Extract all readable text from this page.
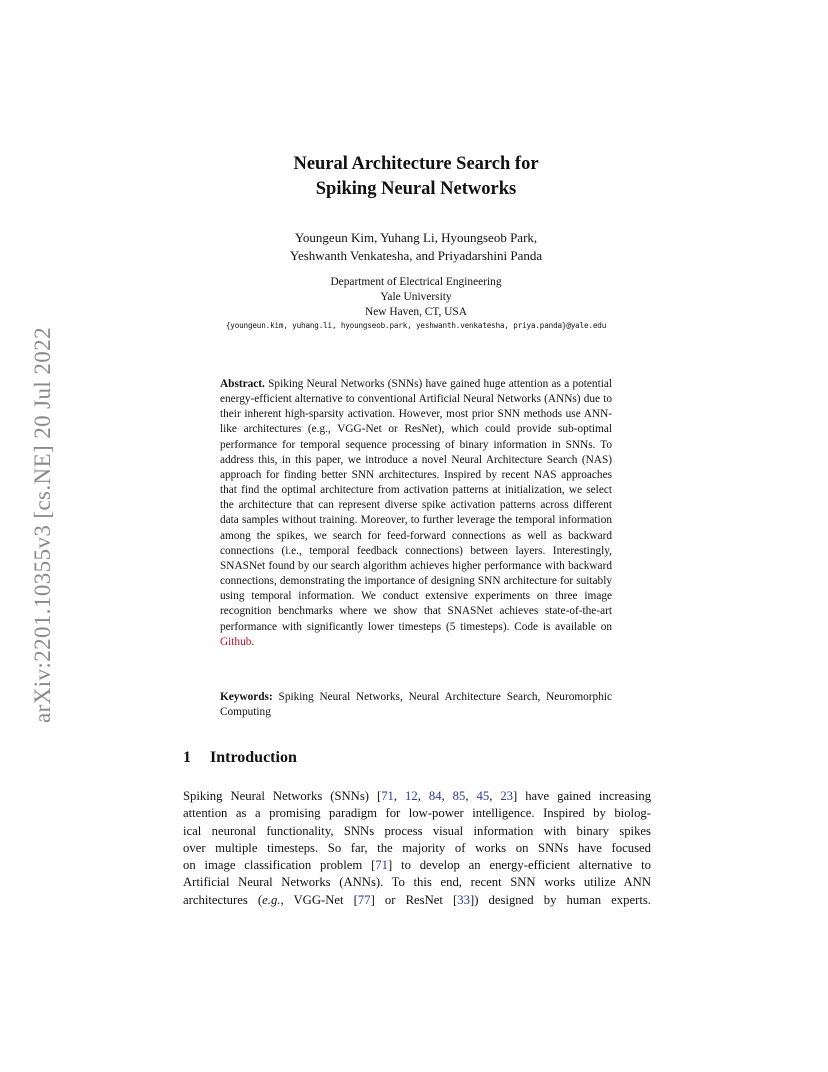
arXiv:2201.10355v3 [cs.NE] 20 Jul 2022
Neural Architecture Search for
Spiking Neural Networks
Youngeun Kim, Yuhang Li, Hyoungseob Park,
Yeshwanth Venkatesha, and Priyadarshini Panda
Department of Electrical Engineering
Yale University
New Haven, CT, USA
{youngeun.kim, yuhang.li, hyoungseob.park, yeshwanth.venkatesha, priya.panda}@yale.edu
Abstract. Spiking Neural Networks (SNNs) have gained huge attention as a potential energy-efficient alternative to conventional Artificial Neural Networks (ANNs) due to their inherent high-sparsity activation. However, most prior SNN methods use ANN-like architectures (e.g., VGG-Net or ResNet), which could provide sub-optimal performance for temporal sequence processing of binary information in SNNs. To address this, in this paper, we introduce a novel Neural Architecture Search (NAS) approach for finding better SNN architectures. Inspired by recent NAS approaches that find the optimal architecture from activation patterns at initialization, we select the architecture that can represent diverse spike activation patterns across different data samples without training. Moreover, to further leverage the temporal information among the spikes, we search for feed-forward connections as well as backward connections (i.e., temporal feedback connections) between layers. Interestingly, SNASNet found by our search algorithm achieves higher performance with backward connections, demonstrating the importance of designing SNN architecture for suitably using temporal information. We conduct extensive experiments on three image recognition benchmarks where we show that SNASNet achieves state-of-the-art performance with significantly lower timesteps (5 timesteps). Code is available on Github.
Keywords: Spiking Neural Networks, Neural Architecture Search, Neuromorphic Computing
1 Introduction
Spiking Neural Networks (SNNs) [71, 12, 84, 85, 45, 23] have gained increasing
attention as a promising paradigm for low-power intelligence. Inspired by biolog-
ical neuronal functionality, SNNs process visual information with binary spikes
over multiple timesteps. So far, the majority of works on SNNs have focused
on image classification problem [71] to develop an energy-efficient alternative to
Artificial Neural Networks (ANNs). To this end, recent SNN works utilize ANN
architectures (e.g., VGG-Net [77] or ResNet [33]) designed by human experts.
